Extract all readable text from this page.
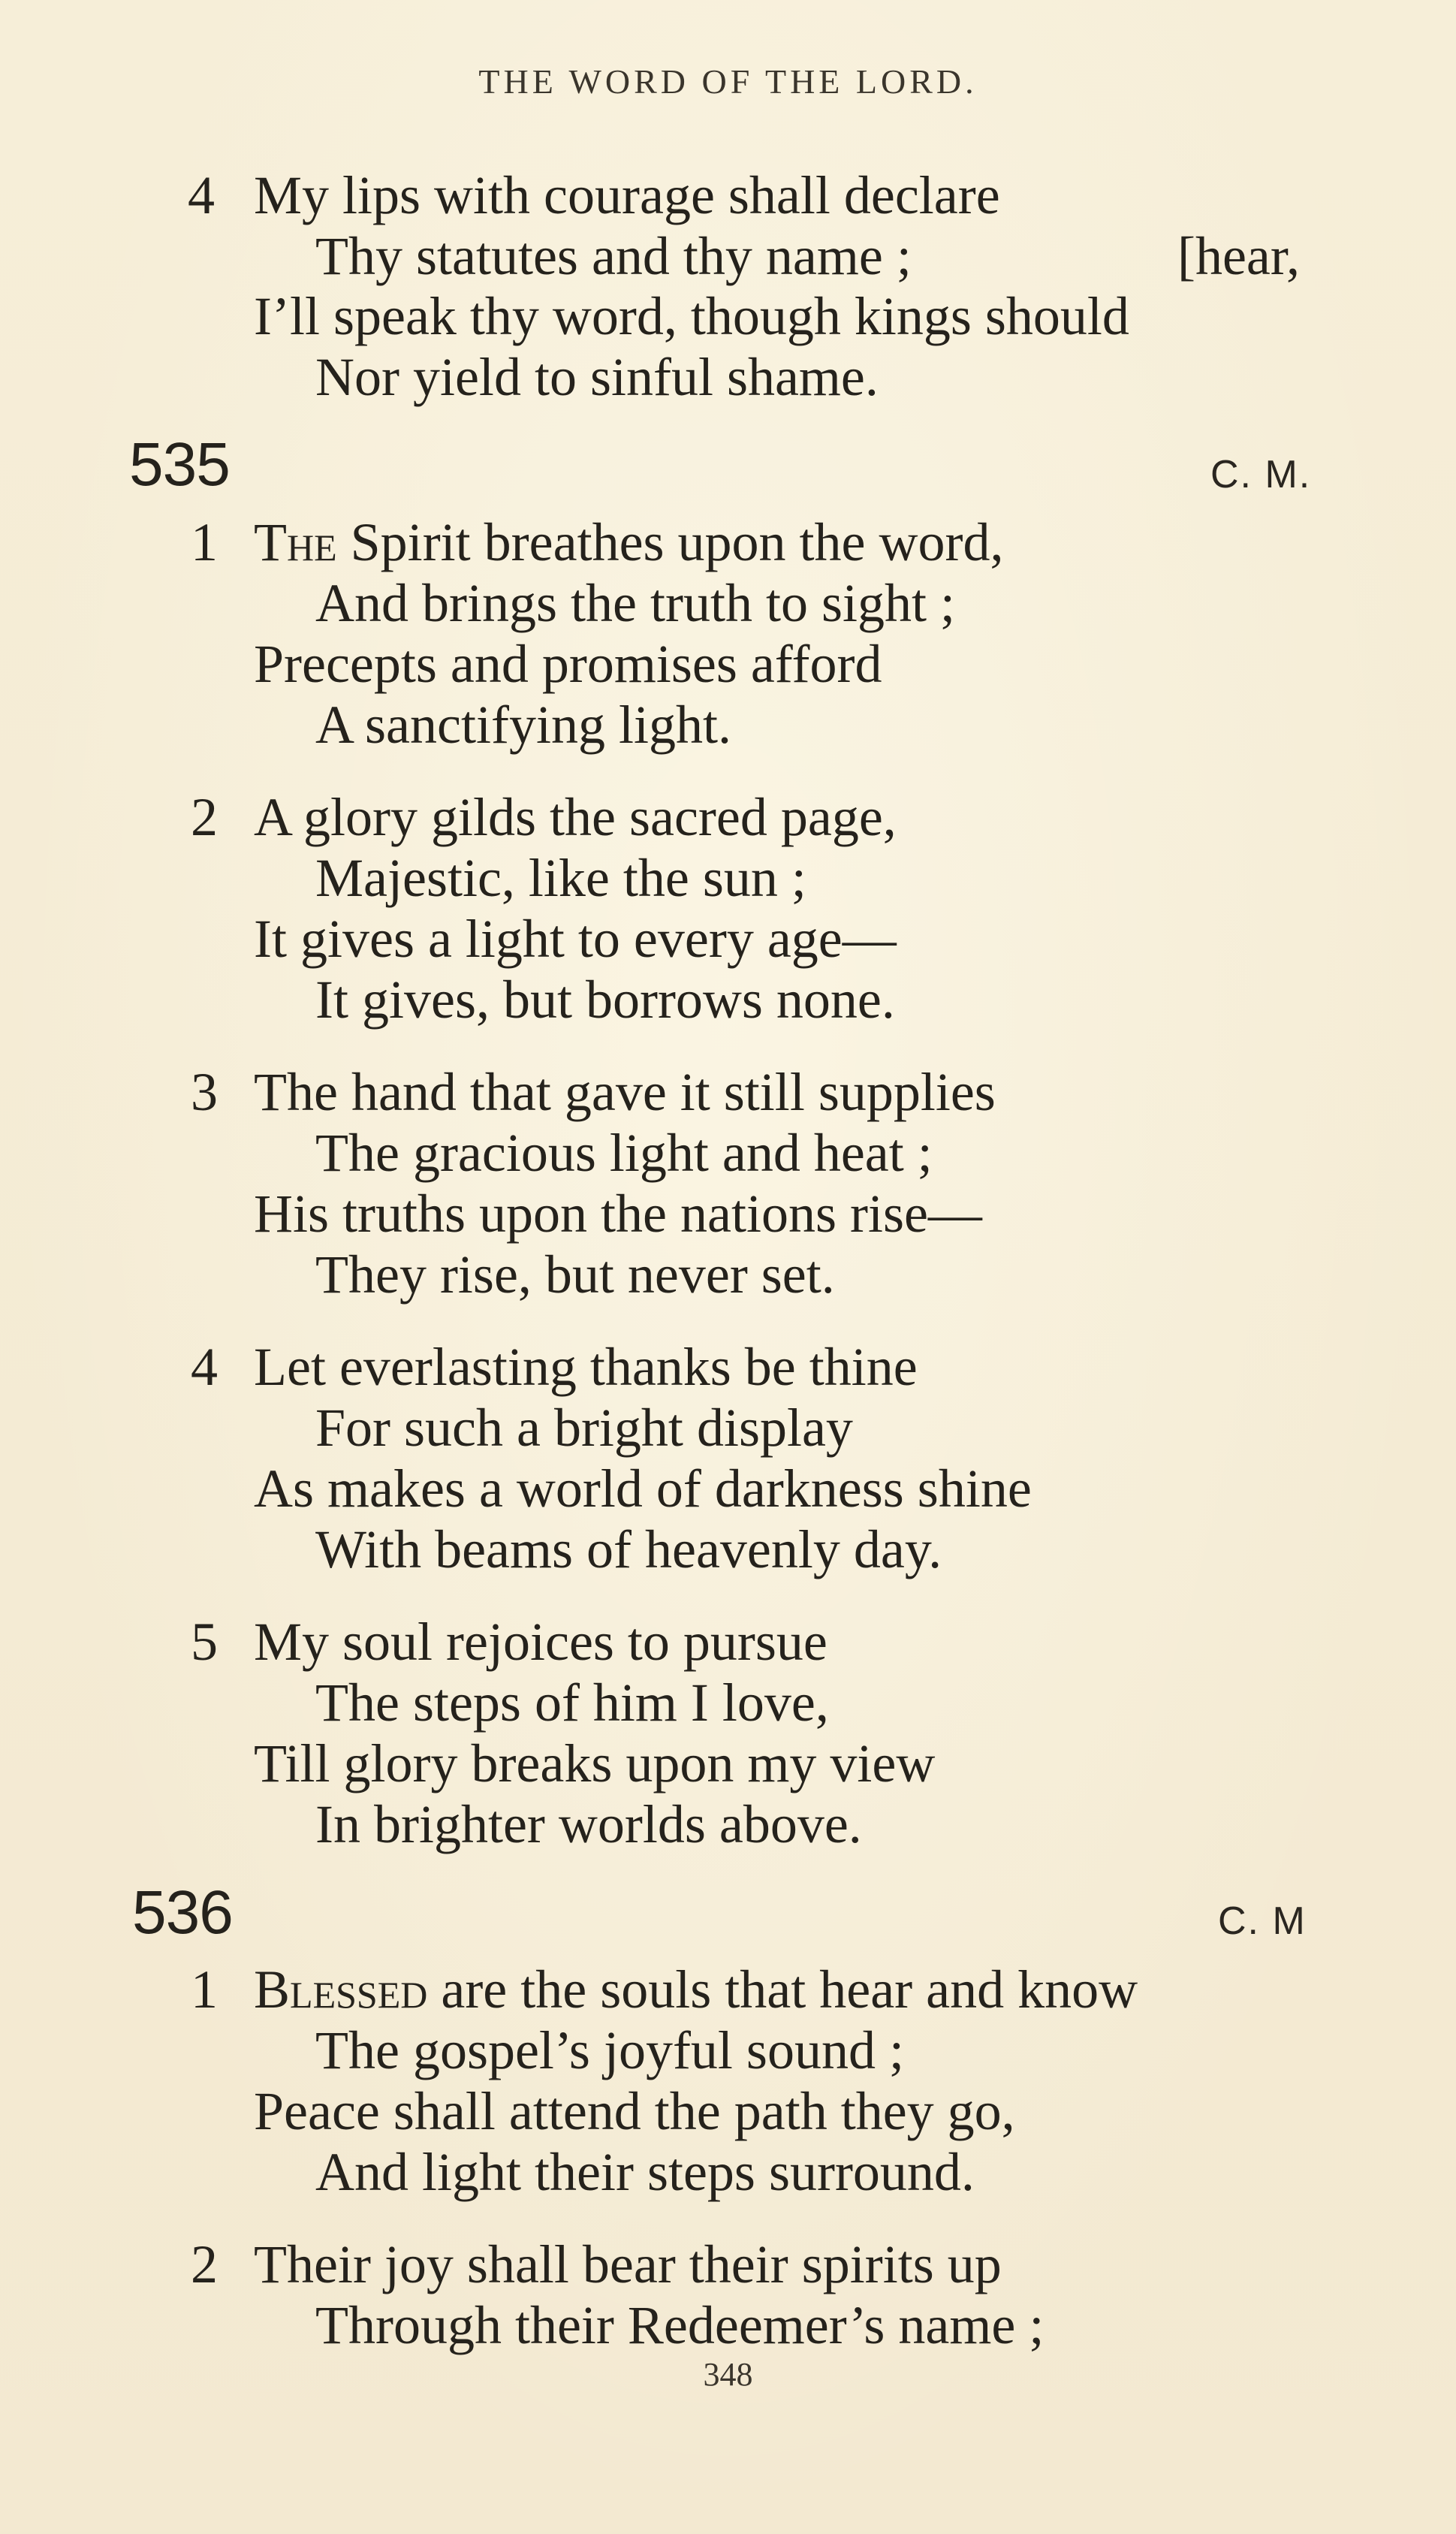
THE WORD OF THE LORD.
4 My lips with courage shall declare
Thy statutes and thy name ;	[hear,
I’ll speak thy word, though kings should
Nor yield to sinful shame.
535	C. M.
1 The Spirit breathes upon the word,
And brings the truth to sight ;
Precepts and promises afford
A sanctifying light.
2 A glory gilds the sacred page,
Majestic, like the sun ;
It gives a light to every age—
It gives, but borrows none.
3 The hand that gave it still supplies
The gracious light and heat ;
His truths upon the nations rise—
They rise, but never set.
4 Let everlasting thanks be thine
For such a bright display
As makes a world of darkness shine
With beams of heavenly day.
5 My soul rejoices to pursue
The steps of him I love,
Till glory breaks upon my view
In brighter worlds above.
536	C. M
1 Blessed are the souls that hear and know
The gospel’s joyful sound ;
Peace shall attend the path they go,
And light their steps surround.
2 Their joy shall bear their spirits up
Through their Redeemer’s name ;
348
